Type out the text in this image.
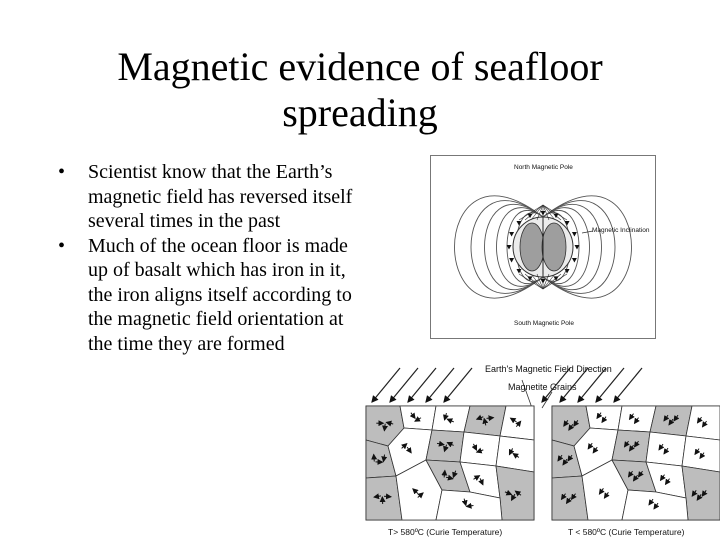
Magnetic evidence of seafloor
spreading
• Scientist know that the Earth’s magnetic field has reversed itself several times in the past
• Much of the ocean floor is made up of basalt which has iron in it, the iron aligns itself according to the magnetic field orientation at the time they are formed
North Magnetic Pole
South Magnetic Pole
Magnetic Inclination
Earth's Magnetic Field Direction
Magnetite Grains
T> 580ºC (Curie Temperature)	T < 580ºC (Curie Temperature)
